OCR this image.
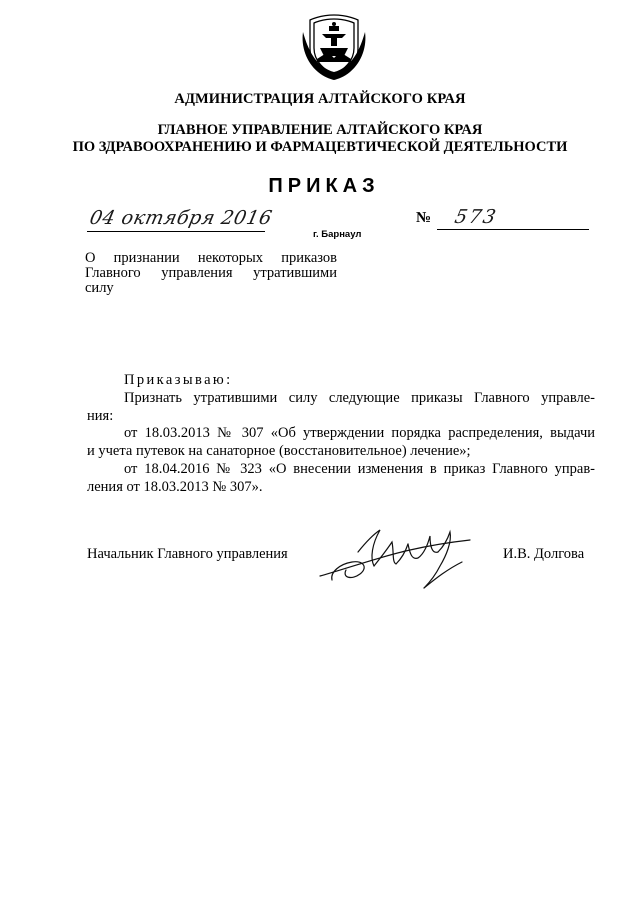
АДМИНИСТРАЦИЯ АЛТАЙСКОГО КРАЯ
ГЛАВНОЕ УПРАВЛЕНИЕ АЛТАЙСКОГО КРАЯ
ПО ЗДРАВООХРАНЕНИЮ И ФАРМАЦЕВТИЧЕСКОЙ ДЕЯТЕЛЬНОСТИ
ПРИКАЗ
04 октября 2016
г. Барнаул
№ 573
О признании некоторых приказов
Главного управления утратившими
силу
Приказываю:
Признать утратившими силу следующие приказы Главного управле-
ния:
от 18.03.2013 № 307 «Об утверждении порядка распределения, выдачи
и учета путевок на санаторное (восстановительное) лечение»;
от 18.04.2016 № 323 «О внесении изменения в приказ Главного управ-
ления от 18.03.2013 № 307».
Начальник Главного управления	И.В. Долгова
